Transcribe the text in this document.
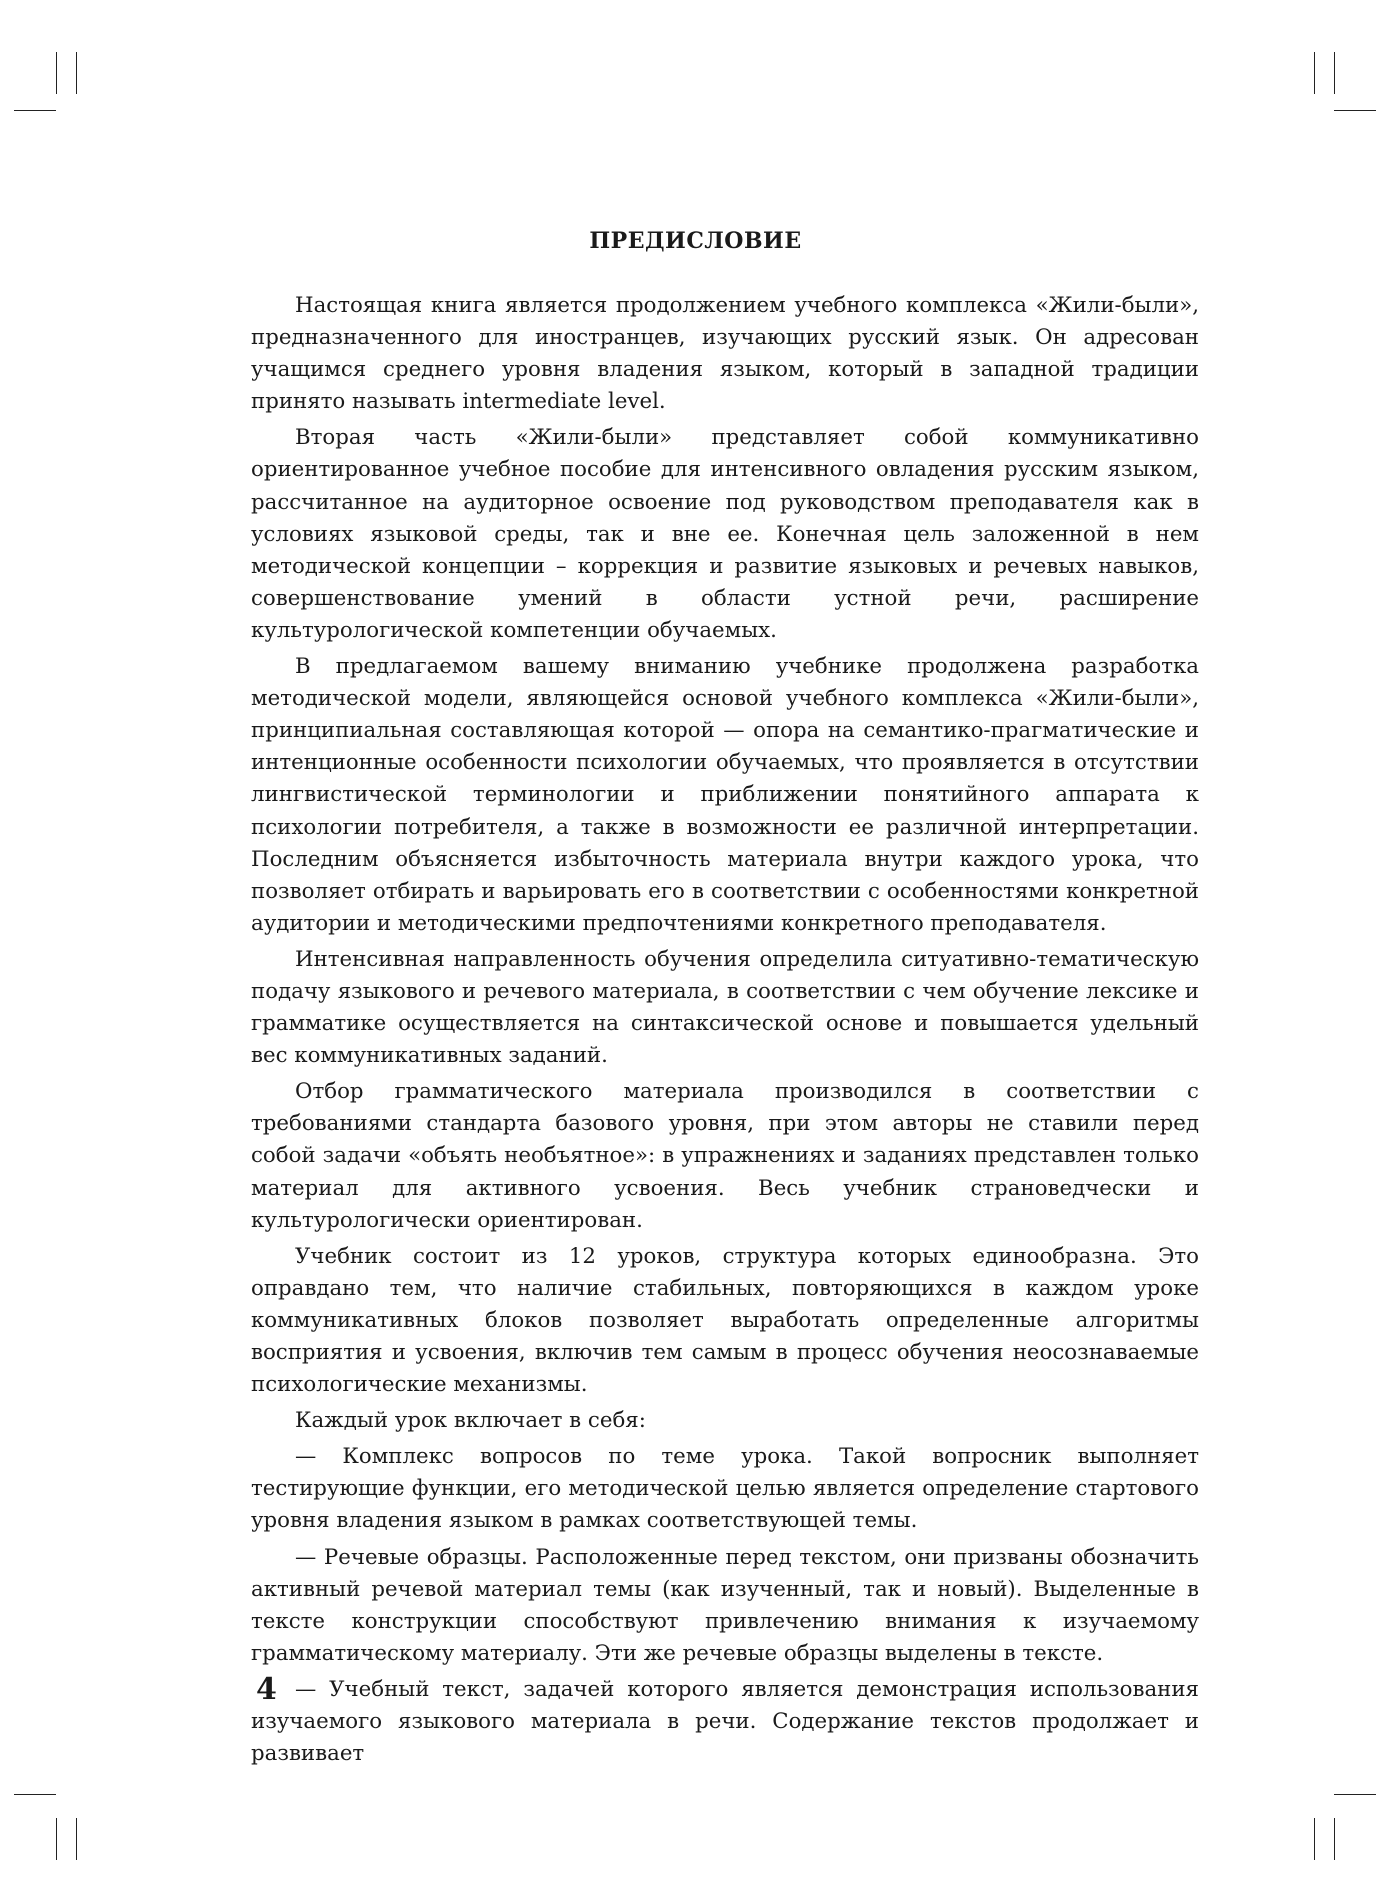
ПРЕДИСЛОВИЕ

Настоящая книга является продолжением учебного комплекса «Жили-были», предназначенного для иностранцев, изучающих русский язык. Он адресован учащимся среднего уровня владения языком, который в западной традиции принято называть intermediate level.

Вторая часть «Жили-были» представляет собой коммуникативно ориентированное учебное пособие для интенсивного овладения русским языком, рассчитанное на аудиторное освоение под руководством преподавателя как в условиях языковой среды, так и вне ее. Конечная цель заложенной в нем методической концепции – коррекция и развитие языковых и речевых навыков, совершенствование умений в области устной речи, расширение культурологической компетенции обучаемых.

В предлагаемом вашему вниманию учебнике продолжена разработка методической модели, являющейся основой учебного комплекса «Жили-были», принципиальная составляющая которой — опора на семантико-прагматические и интенционные особенности психологии обучаемых, что проявляется в отсутствии лингвистической терминологии и приближении понятийного аппарата к психологии потребителя, а также в возможности ее различной интерпретации. Последним объясняется избыточность материала внутри каждого урока, что позволяет отбирать и варьировать его в соответствии с особенностями конкретной аудитории и методическими предпочтениями конкретного преподавателя.

Интенсивная направленность обучения определила ситуативно-тематическую подачу языкового и речевого материала, в соответствии с чем обучение лексике и грамматике осуществляется на синтаксической основе и повышается удельный вес коммуникативных заданий.

Отбор грамматического материала производился в соответствии с требованиями стандарта базового уровня, при этом авторы не ставили перед собой задачи «объять необъятное»: в упражнениях и заданиях представлен только материал для активного усвоения. Весь учебник страноведчески и культурологически ориентирован.

Учебник состоит из 12 уроков, структура которых единообразна. Это оправдано тем, что наличие стабильных, повторяющихся в каждом уроке коммуникативных блоков позволяет выработать определенные алгоритмы восприятия и усвоения, включив тем самым в процесс обучения неосознаваемые психологические механизмы.

Каждый урок включает в себя:

— Комплекс вопросов по теме урока. Такой вопросник выполняет тестирующие функции, его методической целью является определение стартового уровня владения языком в рамках соответствующей темы.

— Речевые образцы. Расположенные перед текстом, они призваны обозначить активный речевой материал темы (как изученный, так и новый). Выделенные в тексте конструкции способствуют привлечению внимания к изучаемому грамматическому материалу. Эти же речевые образцы выделены в тексте.

— Учебный текст, задачей которого является демонстрация использования изучаемого языкового материала в речи. Содержание текстов продолжает и развивает

4
